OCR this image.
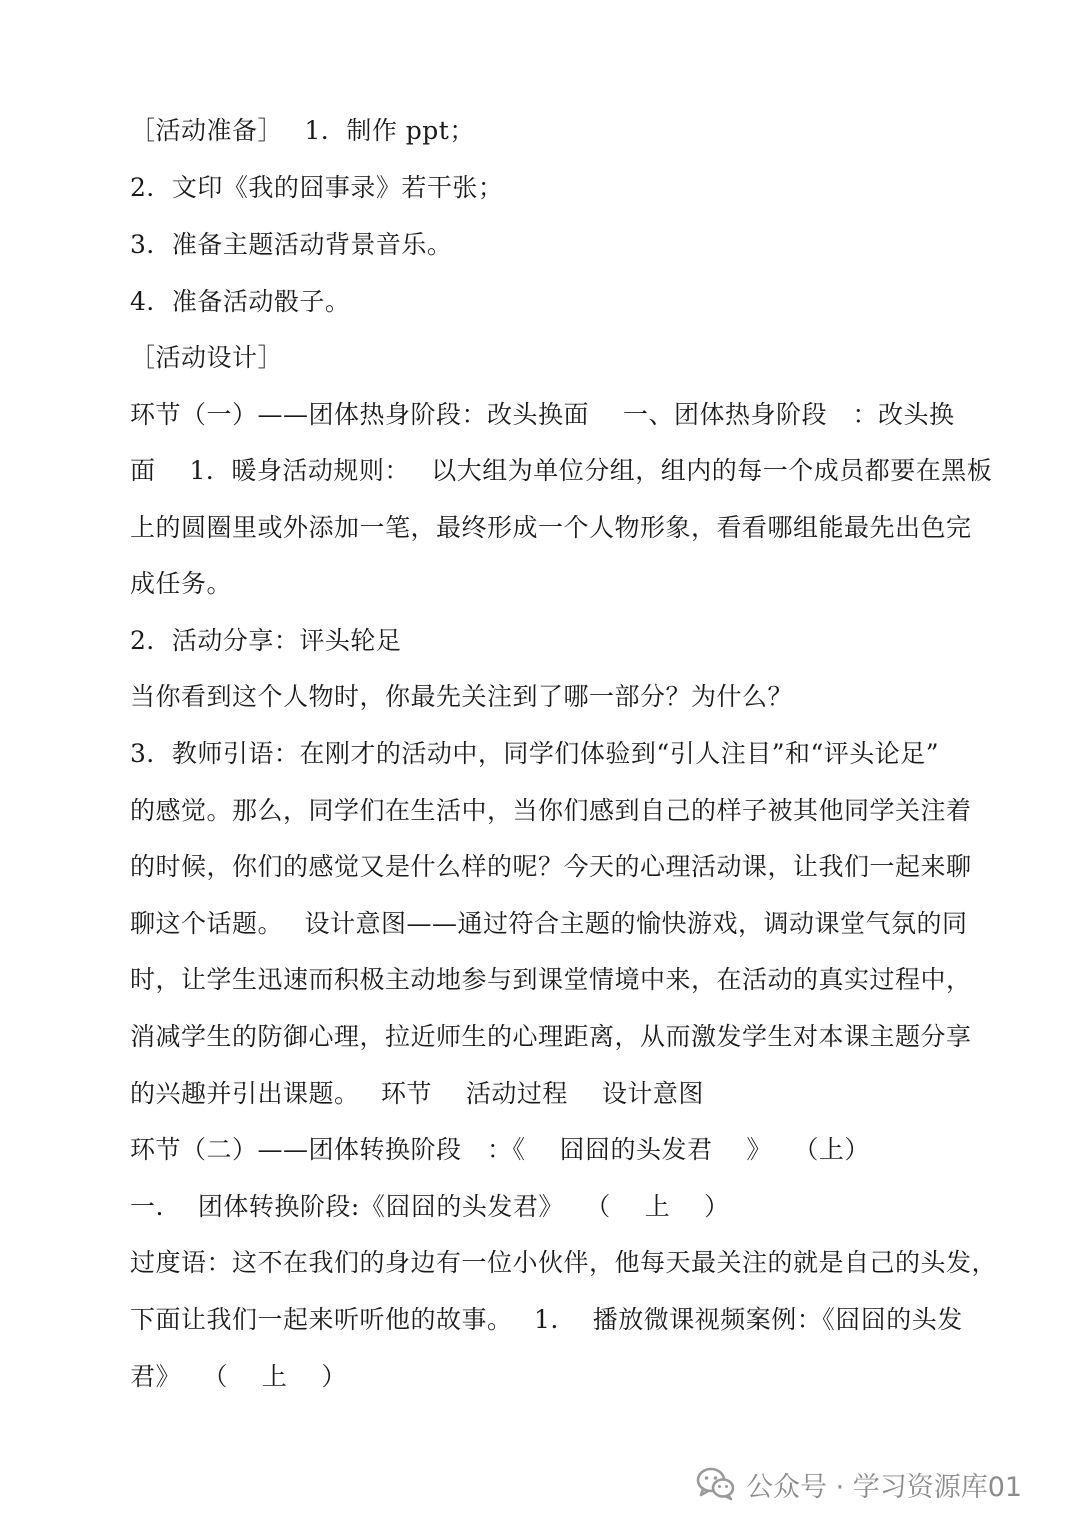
［活动准备］　 1．制作 ppt；
2．文印《我的囧事录》若干张；
3．准备主题活动背景音乐。
4．准备活动骰子。
［活动设计］
环节（一）——团体热身阶段：改头换面　 一、团体热身阶段　：改头换
面　 1．暖身活动规则：　 以大组为单位分组，组内的每一个成员都要在黑板
上的圆圈里或外添加一笔，最终形成一个人物形象，看看哪组能最先出色完
成任务。
2．活动分享：评头轮足
当你看到这个人物时，你最先关注到了哪一部分？为什么？
3．教师引语：在刚才的活动中，同学们体验到“引人注目”和“评头论足”
的感觉。那么，同学们在生活中，当你们感到自己的样子被其他同学关注着
的时候，你们的感觉又是什么样的呢？今天的心理活动课，让我们一起来聊
聊这个话题。　 设计意图——通过符合主题的愉快游戏，调动课堂气氛的同
时，让学生迅速而积极主动地参与到课堂情境中来，在活动的真实过程中，
消减学生的防御心理，拉近师生的心理距离，从而激发学生对本课主题分享
的兴趣并引出课题。　 环节　 活动过程　 设计意图
环节（二）——团体转换阶段　：《　 囧囧的头发君　 》　 （上）
一.　 团体转换阶段:《囧囧的头发君》　 （　 上　 ）
过度语：这不在我们的身边有一位小伙伴，他每天最关注的就是自己的头发，
下面让我们一起来听听他的故事。　 1.　 播放微课视频案例：《囧囧的头发
君》　 （　 上　 ）
公众号 · 学习资源库01
